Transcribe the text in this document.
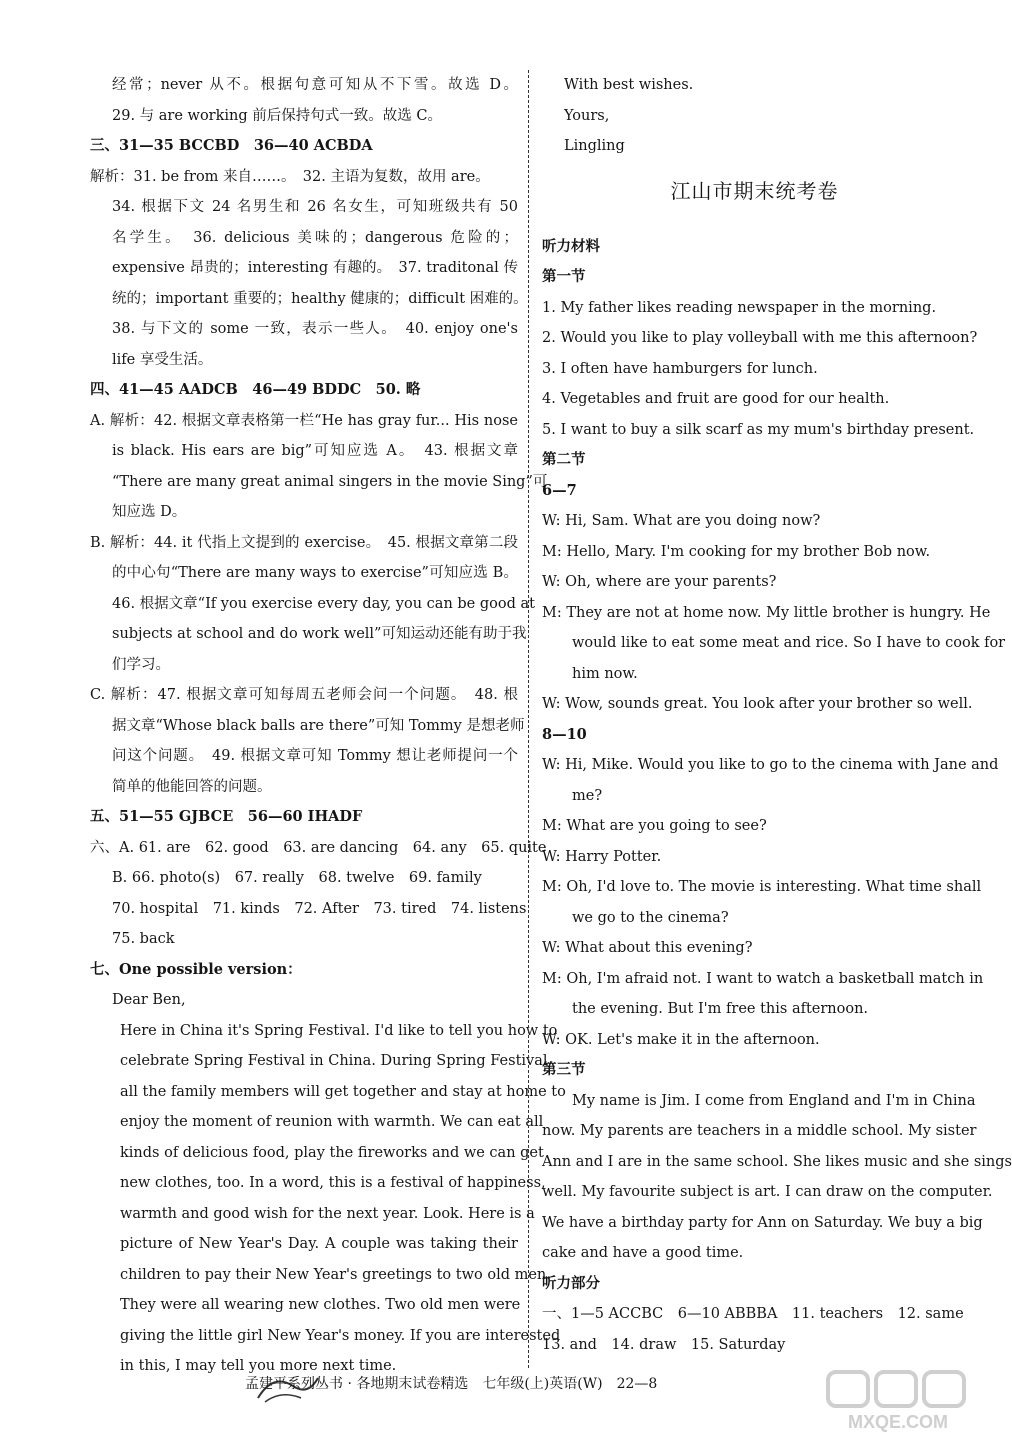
经常；never 从不。根据句意可知从不下雪。故选 D。
29. 与 are working 前后保持句式一致。故选 C。
三、31—35 BCCBD　36—40 ACBDA
解析：31. be from 来自……。　32. 主语为复数，故用 are。
34. 根据下文 24 名男生和 26 名女生，可知班级共有 50
名学生。　36. delicious 美味的；dangerous 危险的；
expensive 昂贵的；interesting 有趣的。　37. traditonal 传
统的；important 重要的；healthy 健康的；difficult 困难的。
38. 与下文的 some 一致，表示一些人。　40. enjoy one's
life 享受生活。
四、41—45 AADCB　46—49 BDDC　50. 略
A. 解析：42. 根据文章表格第一栏“He has gray fur... His nose
is black. His ears are big”可知应选 A。　43. 根据文章
“There are many great animal singers in the movie Sing”可
知应选 D。
B. 解析：44. it 代指上文提到的 exercise。　45. 根据文章第二段
的中心句“There are many ways to exercise”可知应选 B。
46. 根据文章“If you exercise every day, you can be good at
subjects at school and do work well”可知运动还能有助于我
们学习。
C. 解析：47. 根据文章可知每周五老师会问一个问题。　48. 根
据文章“Whose black balls are there”可知 Tommy 是想老师
问这个问题。　49. 根据文章可知 Tommy 想让老师提问一个
简单的他能回答的问题。
五、51—55 GJBCE　56—60 IHADF
六、A. 61. are　62. good　63. are dancing　64. any　65. quite
B. 66. photo(s)　67. really　68. twelve　69. family
70. hospital　71. kinds　72. After　73. tired　74. listens
75. back
七、One possible version：
Dear Ben,
Here in China it's Spring Festival. I'd like to tell you how to
celebrate Spring Festival in China. During Spring Festival,
all the family members will get together and stay at home to
enjoy the moment of reunion with warmth. We can eat all
kinds of delicious food, play the fireworks and we can get
new clothes, too. In a word, this is a festival of happiness,
warmth and good wish for the next year. Look. Here is a
picture of New Year's Day. A couple was taking their
children to pay their New Year's greetings to two old men.
They were all wearing new clothes. Two old men were
giving the little girl New Year's money. If you are interested
in this, I may tell you more next time.
With best wishes.
Yours,
Lingling
江山市期末统考卷
听力材料
第一节
1. My father likes reading newspaper in the morning.
2. Would you like to play volleyball with me this afternoon?
3. I often have hamburgers for lunch.
4. Vegetables and fruit are good for our health.
5. I want to buy a silk scarf as my mum's birthday present.
第二节
6—7
W: Hi, Sam. What are you doing now?
M: Hello, Mary. I'm cooking for my brother Bob now.
W: Oh, where are your parents?
M: They are not at home now. My little brother is hungry. He
would like to eat some meat and rice. So I have to cook for
him now.
W: Wow, sounds great. You look after your brother so well.
8—10
W: Hi, Mike. Would you like to go to the cinema with Jane and
me?
M: What are you going to see?
W: Harry Potter.
M: Oh, I'd love to. The movie is interesting. What time shall
we go to the cinema?
W: What about this evening?
M: Oh, I'm afraid not. I want to watch a basketball match in
the evening. But I'm free this afternoon.
W: OK. Let's make it in the afternoon.
第三节
My name is Jim. I come from England and I'm in China
now. My parents are teachers in a middle school. My sister
Ann and I are in the same school. She likes music and she sings
well. My favourite subject is art. I can draw on the computer.
We have a birthday party for Ann on Saturday. We buy a big
cake and have a good time.
听力部分
一、1—5 ACCBC　6—10 ABBBA　11. teachers　12. same
13. and　14. draw　15. Saturday
孟建平系列丛书 · 各地期末试卷精选　七年级(上)英语(W)　22—8
MXQE.COM
